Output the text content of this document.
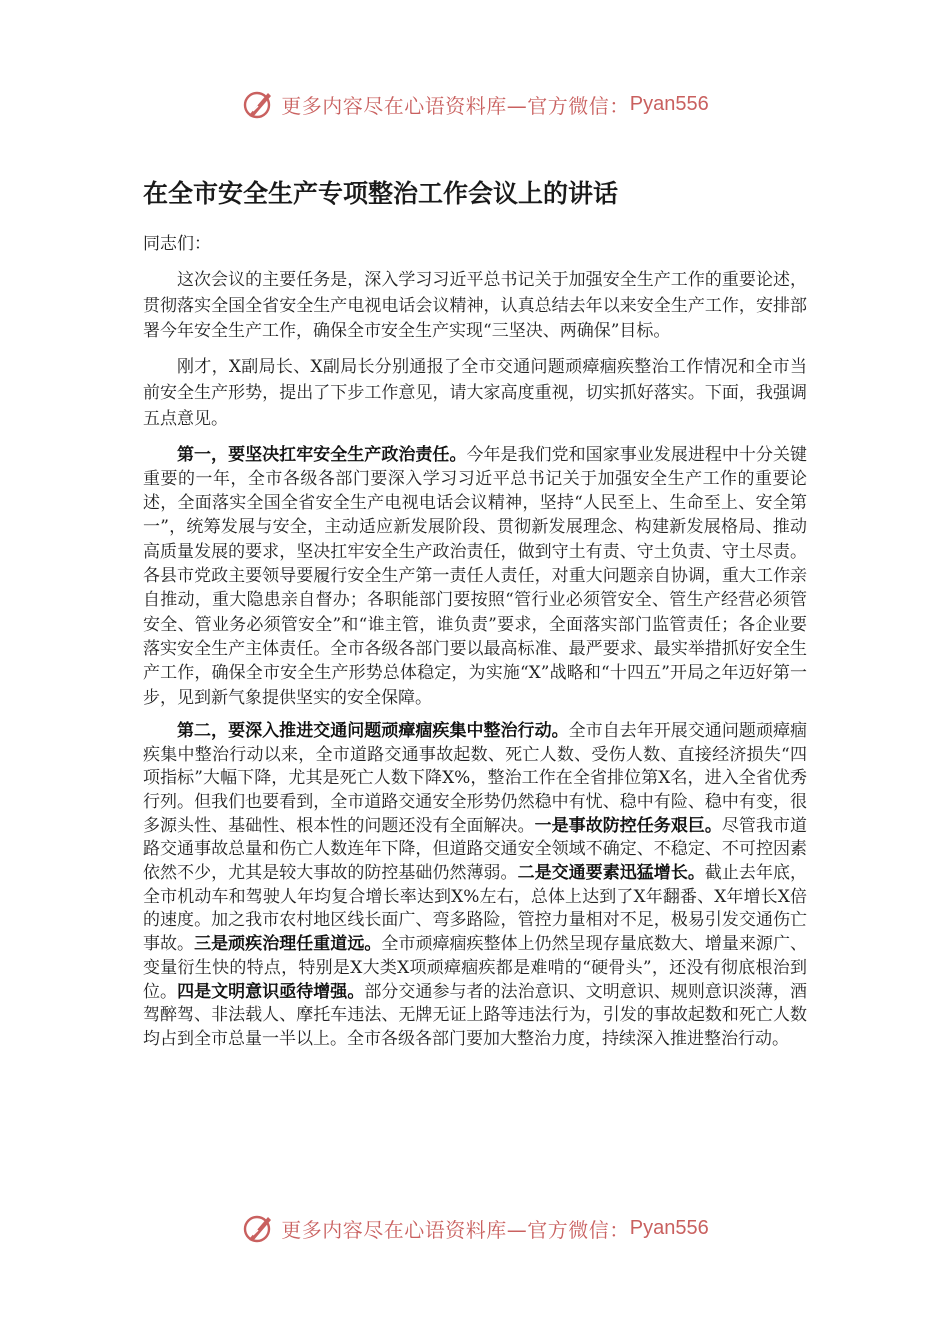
更多内容尽在心语资料库—官方微信： Pyan556
在全市安全生产专项整治工作会议上的讲话

同志们：

这次会议的主要任务是，深入学习习近平总书记关于加强安全生产工作的重要论述，贯彻落实全国全省安全生产电视电话会议精神，认真总结去年以来安全生产工作，安排部署今年安全生产工作，确保全市安全生产实现“三坚决、两确保”目标。

刚才，X副局长、X副局长分别通报了全市交通问题顽瘴痼疾整治工作情况和全市当前安全生产形势，提出了下步工作意见，请大家高度重视，切实抓好落实。下面，我强调五点意见。

第一，要坚决扛牢安全生产政治责任。今年是我们党和国家事业发展进程中十分关键重要的一年，全市各级各部门要深入学习习近平总书记关于加强安全生产工作的重要论述，全面落实全国全省安全生产电视电话会议精神，坚持“人民至上、生命至上、安全第一”，统筹发展与安全，主动适应新发展阶段、贯彻新发展理念、构建新发展格局、推动高质量发展的要求，坚决扛牢安全生产政治责任，做到守土有责、守土负责、守土尽责。各县市党政主要领导要履行安全生产第一责任人责任，对重大问题亲自协调，重大工作亲自推动，重大隐患亲自督办；各职能部门要按照“管行业必须管安全、管生产经营必须管安全、管业务必须管安全”和“谁主管，谁负责”要求，全面落实部门监管责任；各企业要落实安全生产主体责任。全市各级各部门要以最高标准、最严要求、最实举措抓好安全生产工作，确保全市安全生产形势总体稳定，为实施“X”战略和“十四五”开局之年迈好第一步，见到新气象提供坚实的安全保障。

第二，要深入推进交通问题顽瘴痼疾集中整治行动。全市自去年开展交通问题顽瘴痼疾集中整治行动以来，全市道路交通事故起数、死亡人数、受伤人数、直接经济损失“四项指标”大幅下降，尤其是死亡人数下降X%，整治工作在全省排位第X名，进入全省优秀行列。但我们也要看到，全市道路交通安全形势仍然稳中有忧、稳中有险、稳中有变，很多源头性、基础性、根本性的问题还没有全面解决。一是事故防控任务艰巨。尽管我市道路交通事故总量和伤亡人数连年下降，但道路交通安全领域不确定、不稳定、不可控因素依然不少，尤其是较大事故的防控基础仍然薄弱。二是交通要素迅猛增长。截止去年底，全市机动车和驾驶人年均复合增长率达到X%左右，总体上达到了X年翻番、X年增长X倍的速度。加之我市农村地区线长面广、弯多路险，管控力量相对不足，极易引发交通伤亡事故。三是顽疾治理任重道远。全市顽瘴痼疾整体上仍然呈现存量底数大、增量来源广、变量衍生快的特点，特别是X大类X项顽瘴痼疾都是难啃的“硬骨头”，还没有彻底根治到位。四是文明意识亟待增强。部分交通参与者的法治意识、文明意识、规则意识淡薄，酒驾醉驾、非法载人、摩托车违法、无牌无证上路等违法行为，引发的事故起数和死亡人数均占到全市总量一半以上。全市各级各部门要加大整治力度，持续深入推进整治行动。

更多内容尽在心语资料库—官方微信： Pyan556
